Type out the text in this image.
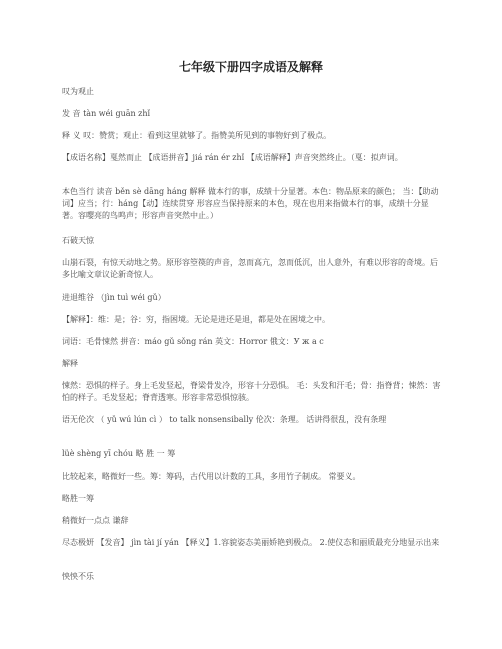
七年级下册四字成语及解释
叹为观止
发 音 tàn wéi guān zhǐ
释 义 叹：赞赏；观止：看到这里就够了。指赞美所见到的事物好到了极点。
【成语名称】戛然而止 【成语拼音】jiá rán ér zhǐ 【成语解释】声音突然终止。（戛：拟声词。
本色当行 读音 běn sè dāng háng 解释 做本行的事，成绩十分显著。本色：物品原来的颜色； 当：【助动词】应当；行：háng【动】连续贯穿 形容应当保持原来的本色，现在也用来指做本行的事，成绩十分显著。容嘤亮的鸟鸣声；形容声音突然中止。）
石破天惊
山崩石裂，有惊天动地之势。原形容箜篌的声音，忽而高亢，忽而低沉，出人意外，有难以形容的奇境。后多比喻文章议论新奇惊人。
进退维谷 （jìn tuì wéi gǔ）
【解释】：维：是；谷：穷，指困境。无论是进还是退，都是处在困境之中。
词语：毛骨悚然 拼音：máo gǔ sǒng rán 英文：Horror 俄文：У ж а с
解释
悚然：恐惧的样子。身上毛发竖起，脊梁骨发冷，形容十分恐惧。 毛：头发和汗毛；骨：指脊背；悚然：害怕的样子。毛发竖起；脊背透寒。形容非常恐惧惊骇。
语无伦次 （ yǔ wú lún cì ） to talk nonsensibally 伦次：条理。 话讲得很乱，没有条理
lüè shèng yī chóu 略 胜 一 筹
比较起来，略微好一些。筹：筹码，古代用以计数的工具，多用竹子制成。 常要义。
略胜一筹
稍微好一点点 谦辞
尽态极妍 【发音】 jìn tài jí yán 【释义】1.容貌姿态美丽娇艳到极点。 2.使仪态和丽质最充分地显示出来
怏怏不乐
